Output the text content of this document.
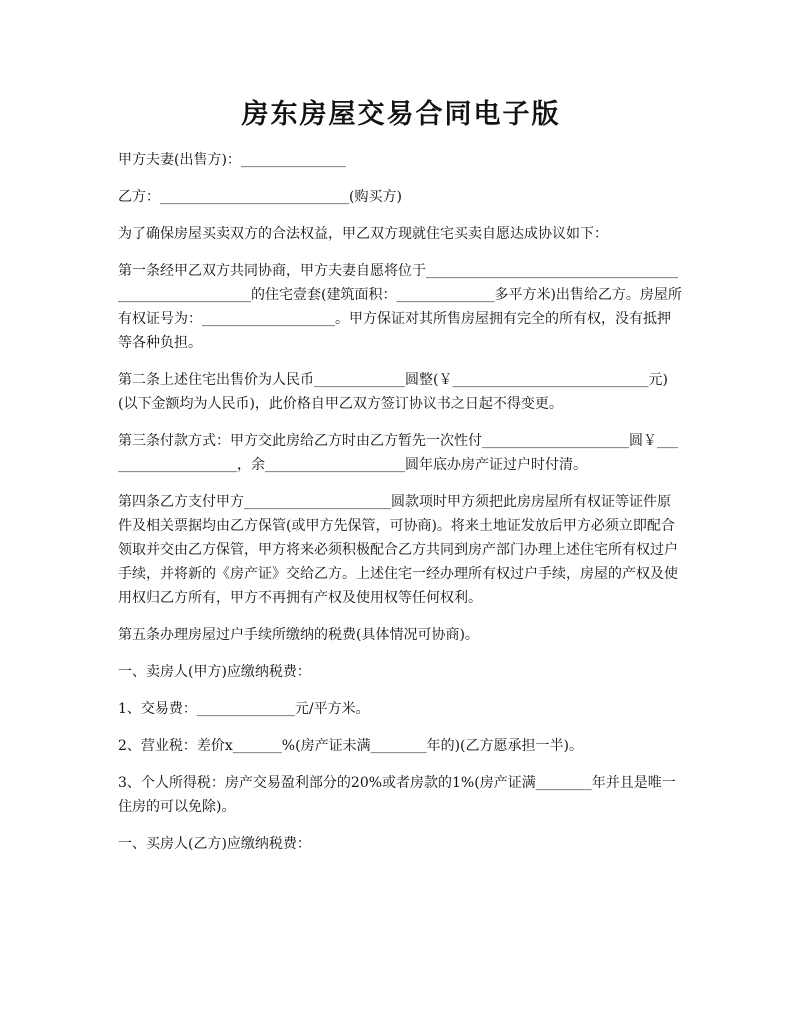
房东房屋交易合同电子版

甲方夫妻(出售方)：_______________

乙方：___________________________(购买方)

为了确保房屋买卖双方的合法权益，甲乙双方现就住宅买卖自愿达成协议如下：

第一条经甲乙双方共同协商，甲方夫妻自愿将位于_______________________________________________________的住宅壹套(建筑面积：______________多平方米)出售给乙方。房屋所有权证号为：___________________。甲方保证对其所售房屋拥有完全的所有权，没有抵押等各种负担。

第二条上述住宅出售价为人民币_____________圆整(￥____________________________元)(以下金额均为人民币)，此价格自甲乙双方签订协议书之日起不得变更。

第三条付款方式：甲方交此房给乙方时由乙方暂先一次性付_____________________圆￥____________________，余____________________圆年底办房产证过户时付清。

第四条乙方支付甲方_____________________圆款项时甲方须把此房房屋所有权证等证件原件及相关票据均由乙方保管(或甲方先保管，可协商)。将来土地证发放后甲方必须立即配合领取并交由乙方保管，甲方将来必须积极配合乙方共同到房产部门办理上述住宅所有权过户手续，并将新的《房产证》交给乙方。上述住宅一经办理所有权过户手续，房屋的产权及使用权归乙方所有，甲方不再拥有产权及使用权等任何权利。

第五条办理房屋过户手续所缴纳的税费(具体情况可协商)。

一、卖房人(甲方)应缴纳税费：

1、交易费：______________元/平方米。

2、营业税：差价x_______%(房产证未满________年的)(乙方愿承担一半)。

3、个人所得税：房产交易盈利部分的20%或者房款的1%(房产证满________年并且是唯一住房的可以免除)。

一、买房人(乙方)应缴纳税费：
